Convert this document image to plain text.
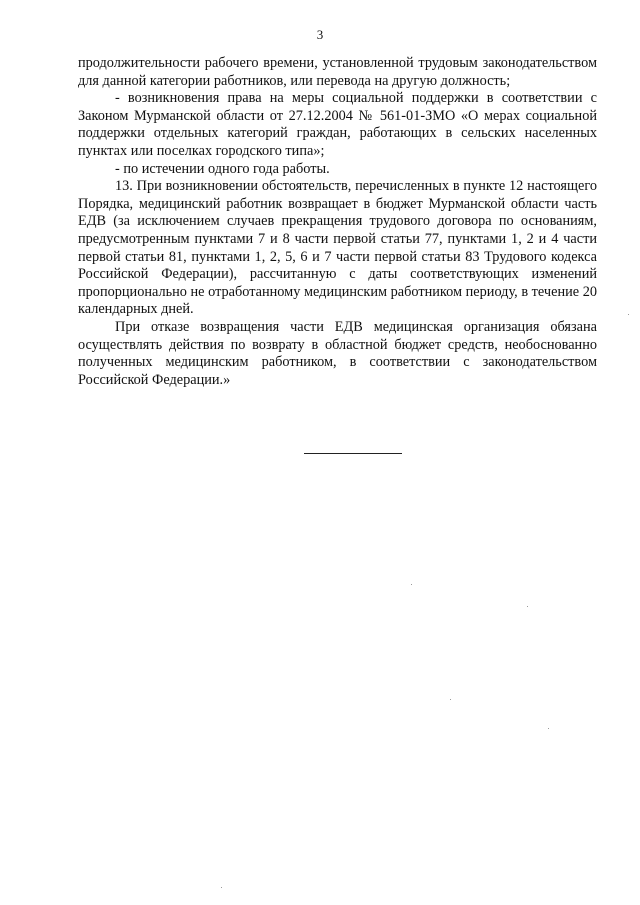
3

продолжительности рабочего времени, установленной трудовым законодательством для данной категории работников, или перевода на другую должность;

- возникновения права на меры социальной поддержки в соответствии с Законом Мурманской области от 27.12.2004 № 561-01-ЗМО «О мерах социальной поддержки отдельных категорий граждан, работающих в сельских населенных пунктах или поселках городского типа»;

- по истечении одного года работы.

13. При возникновении обстоятельств, перечисленных в пункте 12 настоящего Порядка, медицинский работник возвращает в бюджет Мурманской области часть ЕДВ (за исключением случаев прекращения трудового договора по основаниям, предусмотренным пунктами 7 и 8 части первой статьи 77, пунктами 1, 2 и 4 части первой статьи 81, пунктами 1, 2, 5, 6 и 7 части первой статьи 83 Трудового кодекса Российской Федерации), рассчитанную с даты соответствующих изменений пропорционально не отработанному медицинским работником периоду, в течение 20 календарных дней.

При отказе возвращения части ЕДВ медицинская организация обязана осуществлять действия по возврату в областной бюджет средств, необоснованно полученных медицинским работником, в соответствии с законодательством Российской Федерации.»
